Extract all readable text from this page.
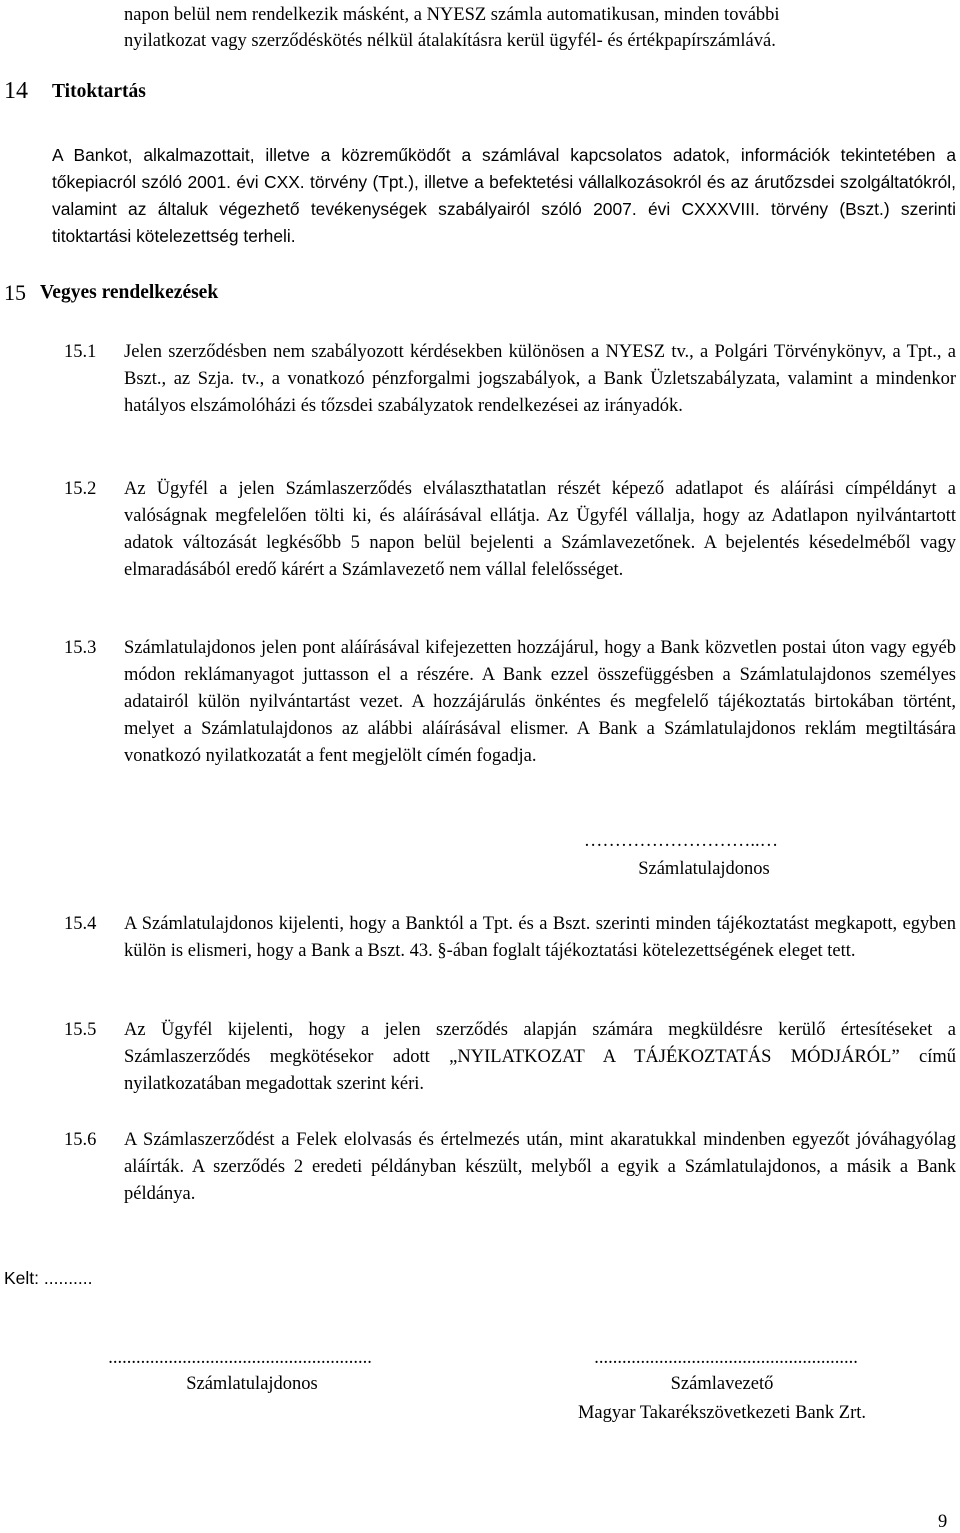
napon belül nem rendelkezik másként, a NYESZ számla automatikusan, minden további
nyilatkozat vagy szerződéskötés nélkül átalakításra kerül ügyfél- és értékpapírszámlává.
14 Titoktartás
A Bankot, alkalmazottait, illetve a közreműködőt a számlával kapcsolatos adatok, információk tekintetében a tőkepiacról szóló 2001. évi CXX. törvény (Tpt.), illetve a befektetési vállalkozásokról és az árutőzsdei szolgáltatókról, valamint az általuk végezhető tevékenységek szabályairól szóló 2007. évi CXXXVIII. törvény (Bszt.) szerinti titoktartási kötelezettség terheli.
15 Vegyes rendelkezések
15.1 Jelen szerződésben nem szabályozott kérdésekben különösen a NYESZ tv., a Polgári Törvénykönyv, a Tpt., a Bszt., az Szja. tv., a vonatkozó pénzforgalmi jogszabályok, a Bank Üzletszabályzata, valamint a mindenkor hatályos elszámolóházi és tőzsdei szabályzatok rendelkezései az irányadók.
15.2 Az Ügyfél a jelen Számlaszerződés elválaszthatatlan részét képező adatlapot és aláírási címpéldányt a valóságnak megfelelően tölti ki, és aláírásával ellátja. Az Ügyfél vállalja, hogy az Adatlapon nyilvántartott adatok változását legkésőbb 5 napon belül bejelenti a Számlavezetőnek. A bejelentés késedelméből vagy elmaradásából eredő kárért a Számlavezető nem vállal felelősséget.
15.3 Számlatulajdonos jelen pont aláírásával kifejezetten hozzájárul, hogy a Bank közvetlen postai úton vagy egyéb módon reklámanyagot juttasson el a részére. A Bank ezzel összefüggésben a Számlatulajdonos személyes adatairól külön nyilvántartást vezet. A hozzájárulás önkéntes és megfelelő tájékoztatás birtokában történt, melyet a Számlatulajdonos az alábbi aláírásával elismer. A Bank a Számlatulajdonos reklám megtiltására vonatkozó nyilatkozatát a fent megjelölt címén fogadja.
………………………..…
Számlatulajdonos
15.4 A Számlatulajdonos kijelenti, hogy a Banktól a Tpt. és a Bszt. szerinti minden tájékoztatást megkapott, egyben külön is elismeri, hogy a Bank a Bszt. 43. §-ában foglalt tájékoztatási kötelezettségének eleget tett.
15.5 Az Ügyfél kijelenti, hogy a jelen szerződés alapján számára megküldésre kerülő értesítéseket a Számlaszerződés megkötésekor adott „NYILATKOZAT A TÁJÉKOZTATÁS MÓDJÁRÓL” című nyilatkozatában megadottak szerint kéri.
15.6 A Számlaszerződést a Felek elolvasás és értelmezés után, mint akaratukkal mindenben egyezőt jóváhagyólag aláírták. A szerződés 2 eredeti példányban készült, melyből a egyik a Számlatulajdonos, a másik a Bank példánya.
Kelt: ..........
.........................................................
Számlatulajdonos
.........................................................
Számlavezető
Magyar Takarékszövetkezeti Bank Zrt.
9
